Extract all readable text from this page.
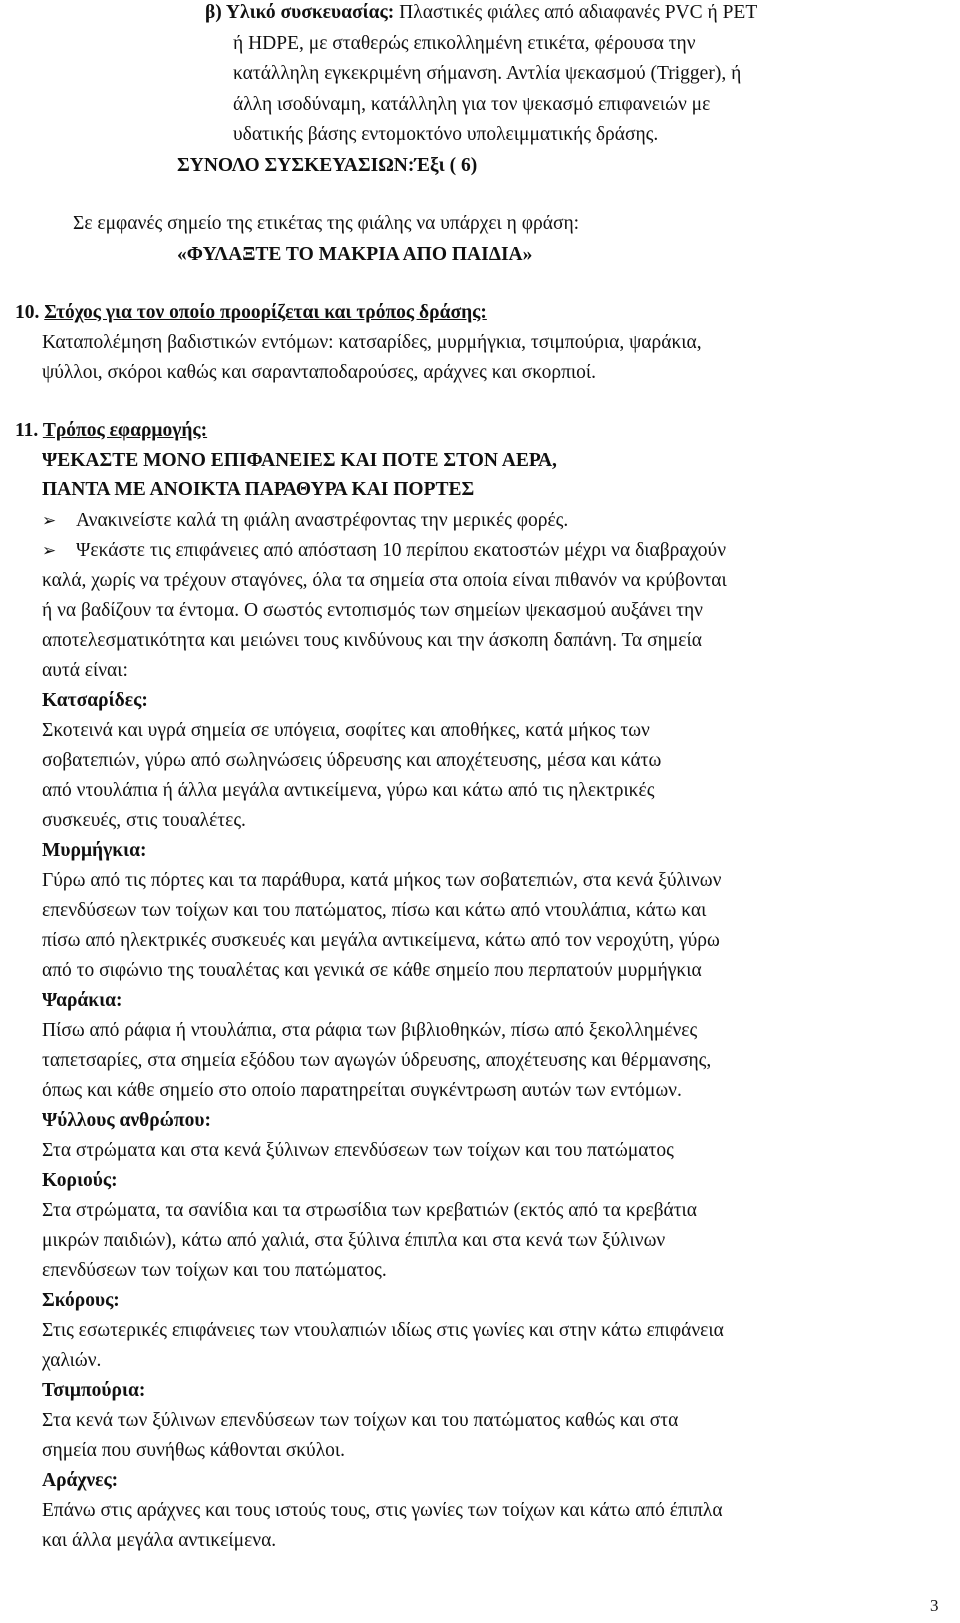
β) Υλικό συσκευασίας: Πλαστικές φιάλες από αδιαφανές PVC ή PET
ή HDPE, με σταθερώς επικολλημένη ετικέτα, φέρουσα την
κατάλληλη εγκεκριμένη σήμανση. Αντλία ψεκασμού (Trigger), ή
άλλη ισοδύναμη, κατάλληλη για τον ψεκασμό επιφανειών με
υδατικής βάσης εντομοκτόνο υπολειμματικής δράσης.
ΣΥΝΟΛΟ ΣΥΣΚΕΥΑΣΙΩΝ:Έξι ( 6)
Σε εμφανές σημείο της ετικέτας της φιάλης να υπάρχει η φράση:
«ΦΥΛΑΞΤΕ ΤΟ ΜΑΚΡΙΑ ΑΠΟ ΠΑΙΔΙΑ»
10. Στόχος για τον οποίο προορίζεται και τρόπος δράσης:
Καταπολέμηση βαδιστικών εντόμων: κατσαρίδες, μυρμήγκια, τσιμπούρια, ψαράκια,
ψύλλοι, σκόροι καθώς και σαρανταποδαρούσες, αράχνες και σκορπιοί.
11. Τρόπος εφαρμογής:
ΨΕΚΑΣΤΕ ΜΟΝΟ ΕΠΙΦΑΝΕΙΕΣ ΚΑΙ ΠΟΤΕ ΣΤΟΝ ΑΕΡΑ,
ΠΑΝΤΑ ΜΕ ΑΝΟΙΚΤΑ ΠΑΡΑΘΥΡΑ ΚΑΙ ΠΟΡΤΕΣ
➢ Ανακινείστε καλά τη φιάλη αναστρέφοντας την μερικές φορές.
➢ Ψεκάστε τις επιφάνειες από απόσταση 10 περίπου εκατοστών μέχρι να διαβραχούν
καλά, χωρίς να τρέχουν σταγόνες, όλα τα σημεία στα οποία είναι πιθανόν να κρύβονται
ή να βαδίζουν τα έντομα. Ο σωστός εντοπισμός των σημείων ψεκασμού αυξάνει την
αποτελεσματικότητα και μειώνει τους κινδύνους και την άσκοπη δαπάνη. Τα σημεία
αυτά είναι:
Κατσαρίδες:
Σκοτεινά και υγρά σημεία σε υπόγεια, σοφίτες και αποθήκες, κατά μήκος των
σοβατεπιών, γύρω από σωληνώσεις ύδρευσης και αποχέτευσης, μέσα και κάτω
από ντουλάπια ή άλλα μεγάλα αντικείμενα, γύρω και κάτω από τις ηλεκτρικές
συσκευές, στις τουαλέτες.
Μυρμήγκια:
Γύρω από τις πόρτες και τα παράθυρα, κατά μήκος των σοβατεπιών, στα κενά ξύλινων
επενδύσεων των τοίχων και του πατώματος, πίσω και κάτω από ντουλάπια, κάτω και
πίσω από ηλεκτρικές συσκευές και μεγάλα αντικείμενα, κάτω από τον νεροχύτη, γύρω
από το σιφώνιο της τουαλέτας και γενικά σε κάθε σημείο που περπατούν μυρμήγκια
Ψαράκια:
Πίσω από ράφια ή ντουλάπια, στα ράφια των βιβλιοθηκών, πίσω από ξεκολλημένες
ταπετσαρίες, στα σημεία εξόδου των αγωγών ύδρευσης, αποχέτευσης και θέρμανσης,
όπως και κάθε σημείο στο οποίο παρατηρείται συγκέντρωση αυτών των εντόμων.
Ψύλλους ανθρώπου:
Στα στρώματα και στα κενά ξύλινων επενδύσεων των τοίχων και του πατώματος
Κοριούς:
Στα στρώματα, τα σανίδια και τα στρωσίδια των κρεβατιών (εκτός από τα κρεβάτια
μικρών παιδιών), κάτω από χαλιά, στα ξύλινα έπιπλα και στα κενά των ξύλινων
επενδύσεων των τοίχων και του πατώματος.
Σκόρους:
Στις εσωτερικές επιφάνειες των ντουλαπιών ιδίως στις γωνίες και στην κάτω επιφάνεια
χαλιών.
Τσιμπούρια:
Στα κενά των ξύλινων επενδύσεων των τοίχων και του πατώματος καθώς και στα
σημεία που συνήθως κάθονται σκύλοι.
Αράχνες:
Επάνω στις αράχνες και τους ιστούς τους, στις γωνίες των τοίχων και κάτω από έπιπλα
και άλλα μεγάλα αντικείμενα.
3
